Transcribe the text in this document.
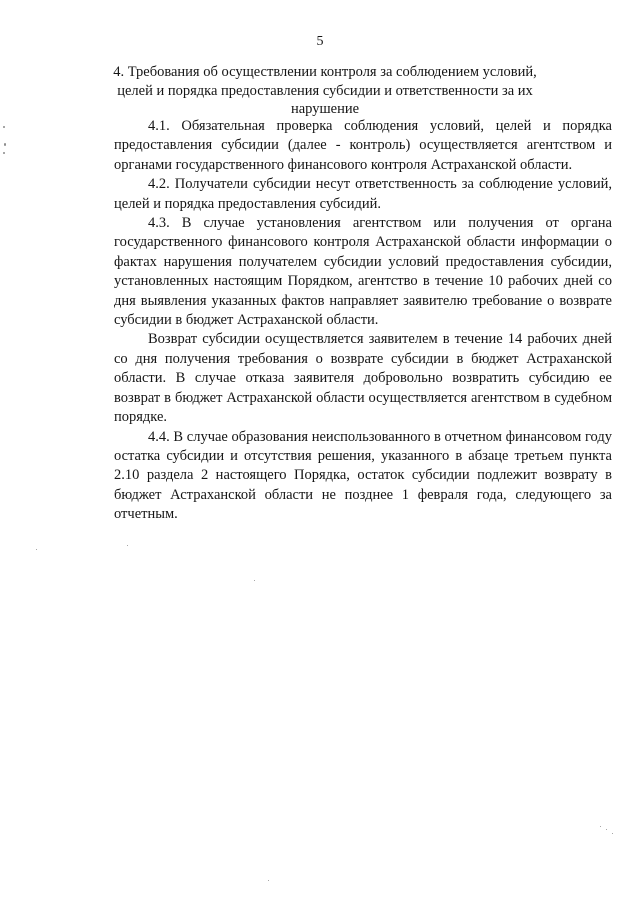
5
4. Требования об осуществлении контроля за соблюдением условий, целей и порядка предоставления субсидии и ответственности за их нарушение

4.1. Обязательная проверка соблюдения условий, целей и порядка предоставления субсидии (далее - контроль) осуществляется агентством и органами государственного финансового контроля Астраханской области.

4.2. Получатели субсидии несут ответственность за соблюдение условий, целей и порядка предоставления субсидий.

4.3. В случае установления агентством или получения от органа государственного финансового контроля Астраханской области информации о фактах нарушения получателем субсидии условий предоставления субсидии, установленных настоящим Порядком, агентство в течение 10 рабочих дней со дня выявления указанных фактов направляет заявителю требование о возврате субсидии в бюджет Астраханской области.

Возврат субсидии осуществляется заявителем в течение 14 рабочих дней со дня получения требования о возврате субсидии в бюджет Астраханской области. В случае отказа заявителя добровольно возвратить субсидию ее возврат в бюджет Астраханской области осуществляется агентством в судебном порядке.

4.4. В случае образования неиспользованного в отчетном финансовом году остатка субсидии и отсутствия решения, указанного в абзаце третьем пункта 2.10 раздела 2 настоящего Порядка, остаток субсидии подлежит возврату в бюджет Астраханской области не позднее 1 февраля года, следующего за отчетным.
